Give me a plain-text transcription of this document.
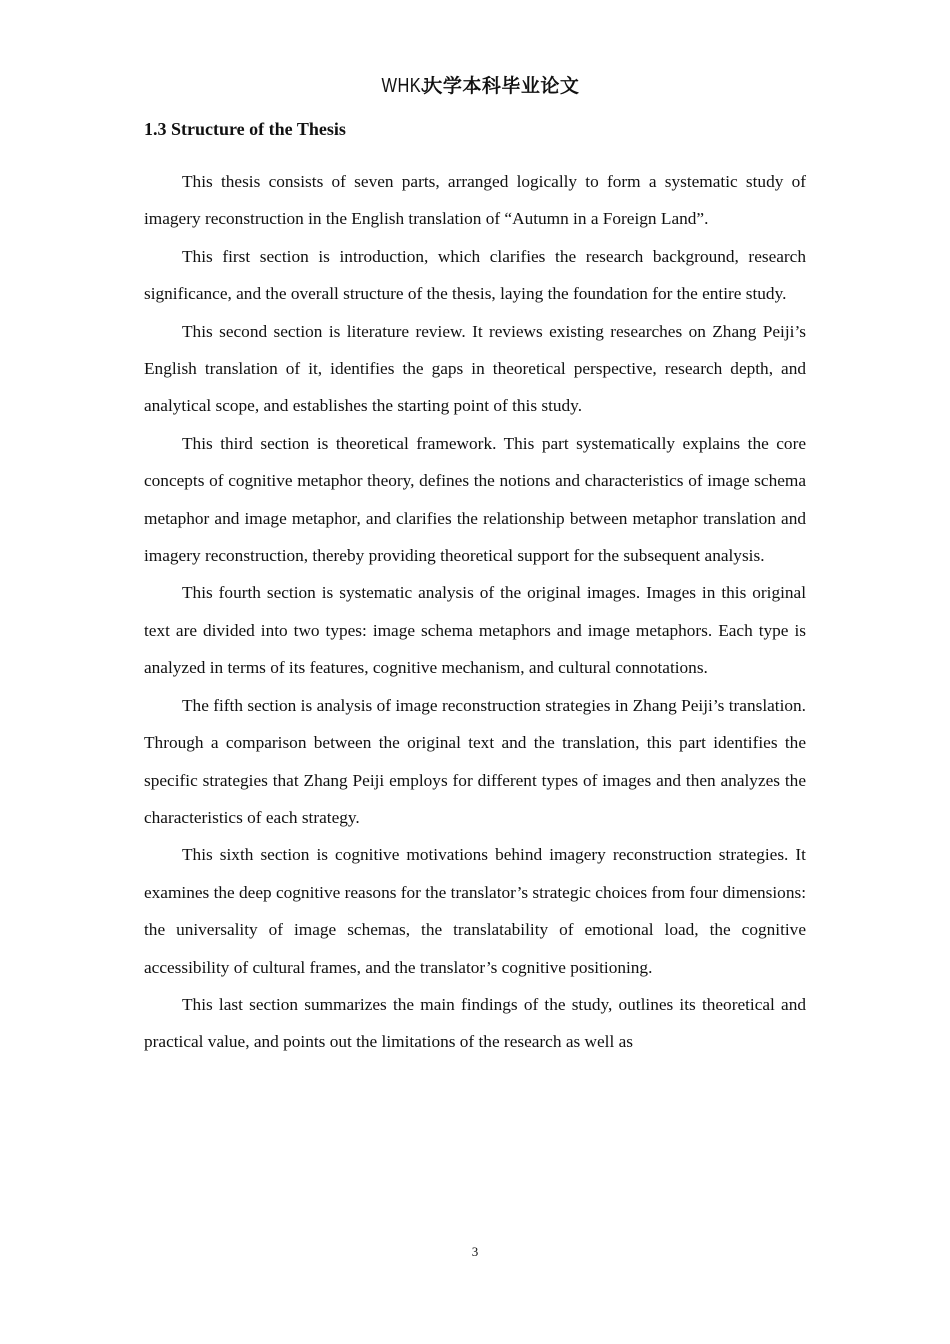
WHKJ大学本科毕业论文
1.3 Structure of the Thesis

This thesis consists of seven parts, arranged logically to form a systematic study of imagery reconstruction in the English translation of “Autumn in a Foreign Land”.

This first section is introduction, which clarifies the research background, research significance, and the overall structure of the thesis, laying the foundation for the entire study.

This second section is literature review. It reviews existing researches on Zhang Peiji’s English translation of it, identifies the gaps in theoretical perspective, research depth, and analytical scope, and establishes the starting point of this study.

This third section is theoretical framework. This part systematically explains the core concepts of cognitive metaphor theory, defines the notions and characteristics of image schema metaphor and image metaphor, and clarifies the relationship between metaphor translation and imagery reconstruction, thereby providing theoretical support for the subsequent analysis.

This fourth section is systematic analysis of the original images. Images in this original text are divided into two types: image schema metaphors and image metaphors. Each type is analyzed in terms of its features, cognitive mechanism, and cultural connotations.

The fifth section is analysis of image reconstruction strategies in Zhang Peiji’s translation. Through a comparison between the original text and the translation, this part identifies the specific strategies that Zhang Peiji employs for different types of images and then analyzes the characteristics of each strategy.

This sixth section is cognitive motivations behind imagery reconstruction strategies. It examines the deep cognitive reasons for the translator’s strategic choices from four dimensions: the universality of image schemas, the translatability of emotional load, the cognitive accessibility of cultural frames, and the translator’s cognitive positioning.

This last section summarizes the main findings of the study, outlines its theoretical and practical value, and points out the limitations of the research as well as

3
